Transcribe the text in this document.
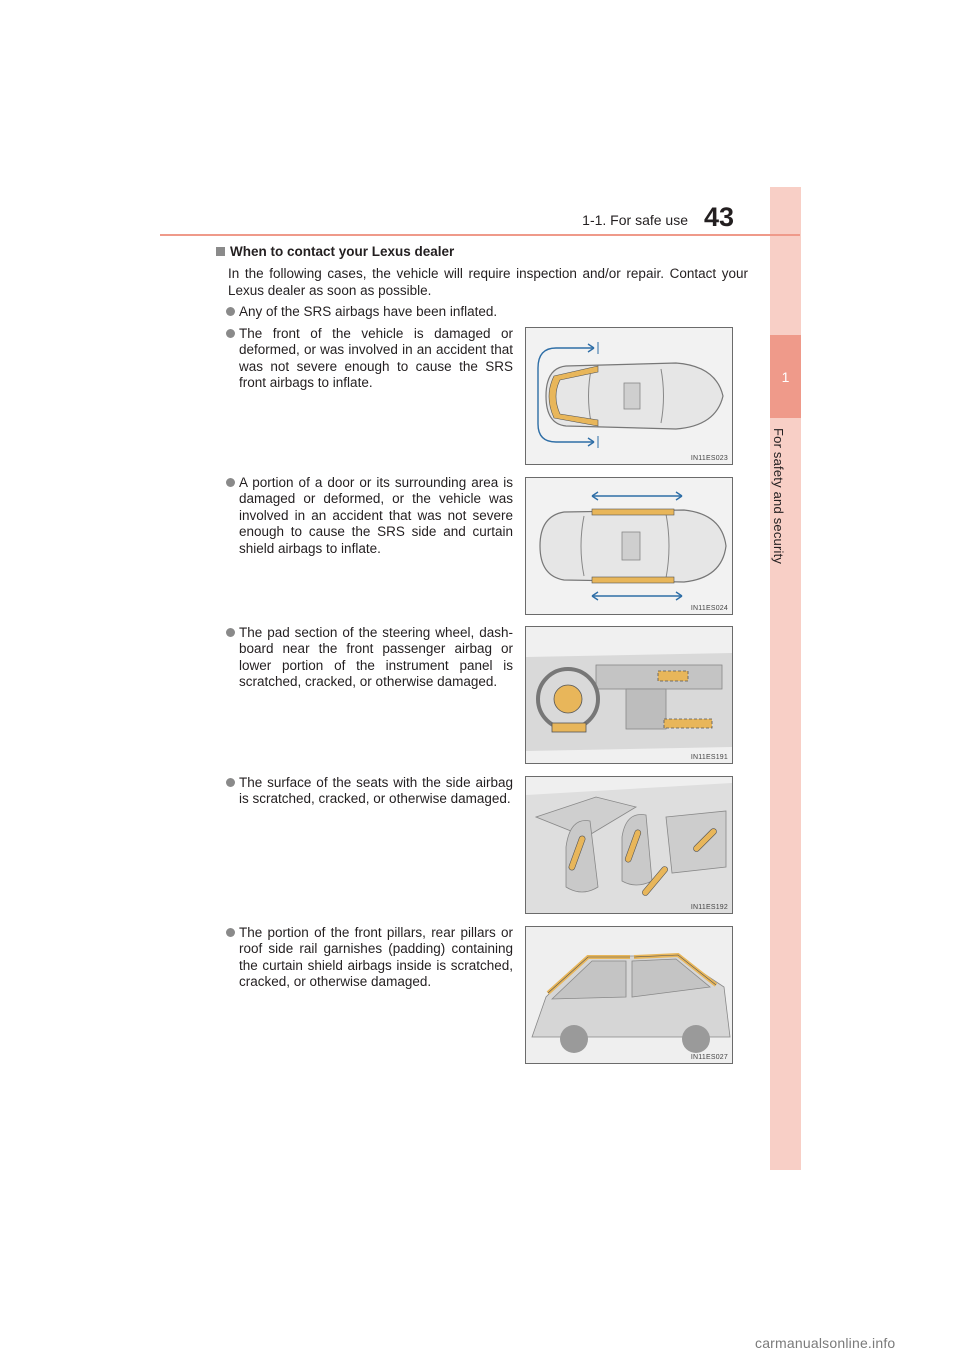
1
For safety and security
1-1. For safe use 43
When to contact your Lexus dealer
In the following cases, the vehicle will require inspection and/or repair. Contact your Lexus dealer as soon as possible.
Any of the SRS airbags have been inflated.
The front of the vehicle is damaged or deformed, or was involved in an accident that was not severe enough to cause the SRS front airbags to inflate.
IN11ES023
A portion of a door or its surrounding area is damaged or deformed, or the vehicle was involved in an accident that was not severe enough to cause the SRS side and curtain shield airbags to inflate.
IN11ES024
The pad section of the steering wheel, dash-board near the front passenger airbag or lower portion of the instrument panel is scratched, cracked, or otherwise damaged.
IN11ES191
The surface of the seats with the side airbag is scratched, cracked, or otherwise damaged.
IN11ES192
The portion of the front pillars, rear pillars or roof side rail garnishes (padding) containing the curtain shield airbags inside is scratched, cracked, or otherwise damaged.
IN11ES027
carmanualsonline.info
